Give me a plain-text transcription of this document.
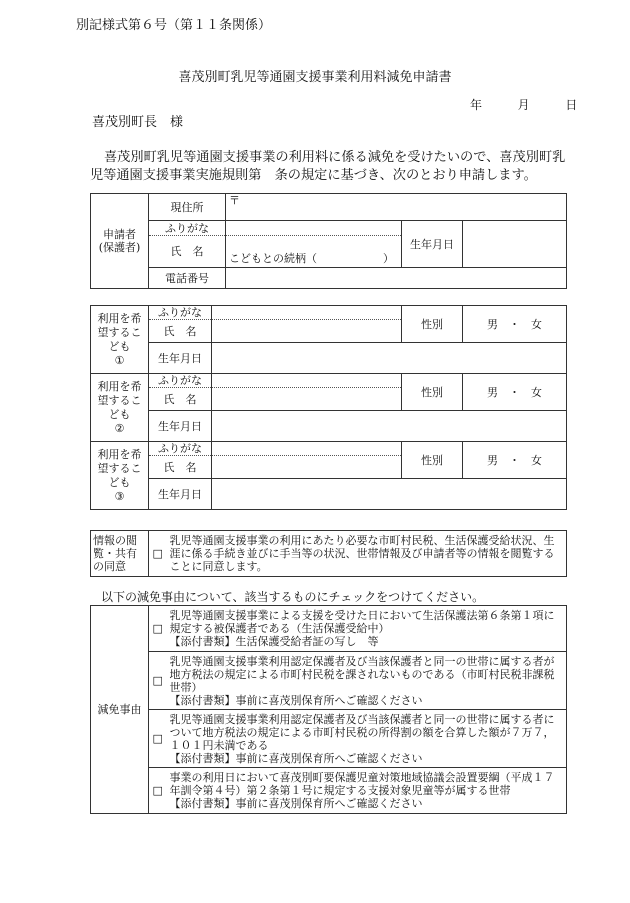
別記様式第６号（第１１条関係）
喜茂別町乳児等通園支援事業利用料減免申請書
年	月	日
喜茂別町長　様
喜茂別町乳児等通園支援事業の利用料に係る減免を受けたいので、喜茂別町乳児等通園支援事業実施規則第　条の規定に基づき、次のとおり申請します。
申請者
(保護者)	現住所	〒		
	ふりがな		生年月日	
	氏　名	こどもとの続柄（　　　　　　）		
	電話番号			
利用を希望するこども
①	ふりがな		性別	男　・　女
	氏　名			
	生年月日			
利用を希望するこども
②	ふりがな		性別	男　・　女
	氏　名			
	生年月日			
利用を希望するこども
③	ふりがな		性別	男　・　女
	氏　名			
	生年月日			
情報の閲覧・共有の同意	□	乳児等通園支援事業の利用にあたり必要な市町村民税、生活保護受給状況、生涯に係る手続き並びに手当等の状況、世帯情報及び申請者等の情報を閲覧することに同意します。
以下の減免事由について、該当するものにチェックをつけてください。
減免事由	□	乳児等通園支援事業による支援を受けた日において生活保護法第６条第１項に規定する被保護者である（生活保護受給中）
【添付書類】生活保護受給者証の写し　等

	□	乳児等通園支援事業利用認定保護者及び当該保護者と同一の世帯に属する者が地方税法の規定による市町村民税を課されないものである（市町村民税非課税世帯）
【添付書類】事前に喜茂別保育所へご確認ください

	□	乳児等通園支援事業利用認定保護者及び当該保護者と同一の世帯に属する者について地方税法の規定による市町村民税の所得割の額を合算した額が７万７，１０１円未満である
【添付書類】事前に喜茂別保育所へご確認ください

	□	事業の利用日において喜茂別町要保護児童対策地域協議会設置要綱（平成１７年訓令第４号）第２条第１号に規定する支援対象児童等が属する世帯
【添付書類】事前に喜茂別保育所へご確認ください
